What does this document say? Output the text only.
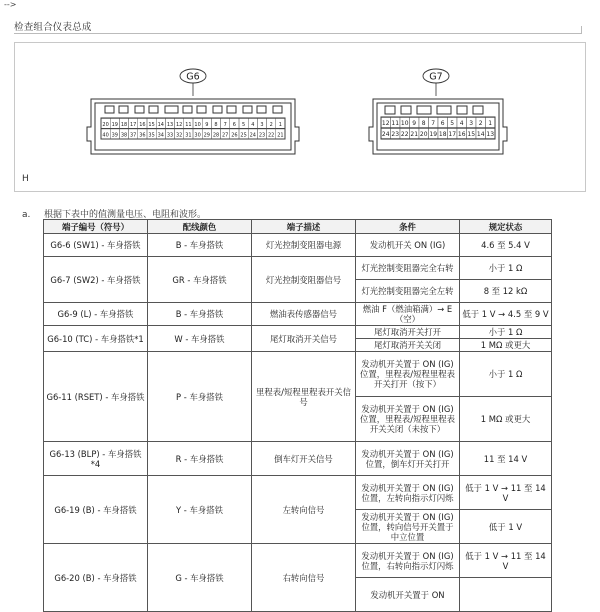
-->
检查组合仪表总成
G6
20 19 18 17 16 15 14 13 12 11 10 9 8 7 6 5 4 3 2 1
40 39 38 37 36 35 34 33 32 31 30 29 28 27 26 25 24 23 22 21
G7
12 11 10 9 8 7 6 5 4 3 2 1
24 23 22 21 20 19 18 17 16 15 14 13
H
a. 根据下表中的值测量电压、电阻和波形。
端子编号（符号）	配线颜色	端子描述	条件	规定状态
G6-6 (SW1) - 车身搭铁	B - 车身搭铁	灯光控制变阻器电源	发动机开关 ON (IG)	4.6 至 5.4 V
G6-7 (SW2) - 车身搭铁	GR - 车身搭铁	灯光控制变阻器信号	灯光控制变阻器完全右转	小于 1 Ω
			灯光控制变阻器完全左转	8 至 12 kΩ
G6-9 (L) - 车身搭铁	B - 车身搭铁	燃油表传感器信号	燃油 F（燃油箱满）→ E（空）	低于 1 V → 4.5 至 9 V
G6-10 (TC) - 车身搭铁*1	W - 车身搭铁	尾灯取消开关信号	尾灯取消开关打开	小于 1 Ω
			尾灯取消开关关闭	1 MΩ 或更大
G6-11 (RSET) - 车身搭铁	P - 车身搭铁	里程表/短程里程表开关信号	发动机开关置于 ON (IG) 位置，里程表/短程里程表开关打开（按下）	小于 1 Ω
			发动机开关置于 ON (IG) 位置，里程表/短程里程表开关关闭（未按下）	1 MΩ 或更大
G6-13 (BLP) - 车身搭铁*4	R - 车身搭铁	倒车灯开关信号	发动机开关置于 ON (IG) 位置，倒车灯开关打开	11 至 14 V
G6-19 (B) - 车身搭铁	Y - 车身搭铁	左转向信号	发动机开关置于 ON (IG) 位置，左转向指示灯闪烁	低于 1 V → 11 至 14 V
			发动机开关置于 ON (IG) 位置，转向信号开关置于中立位置	低于 1 V
G6-20 (B) - 车身搭铁	G - 车身搭铁	右转向信号	发动机开关置于 ON (IG) 位置，右转向指示灯闪烁	低于 1 V → 11 至 14 V
			发动机开关置于 ON	
